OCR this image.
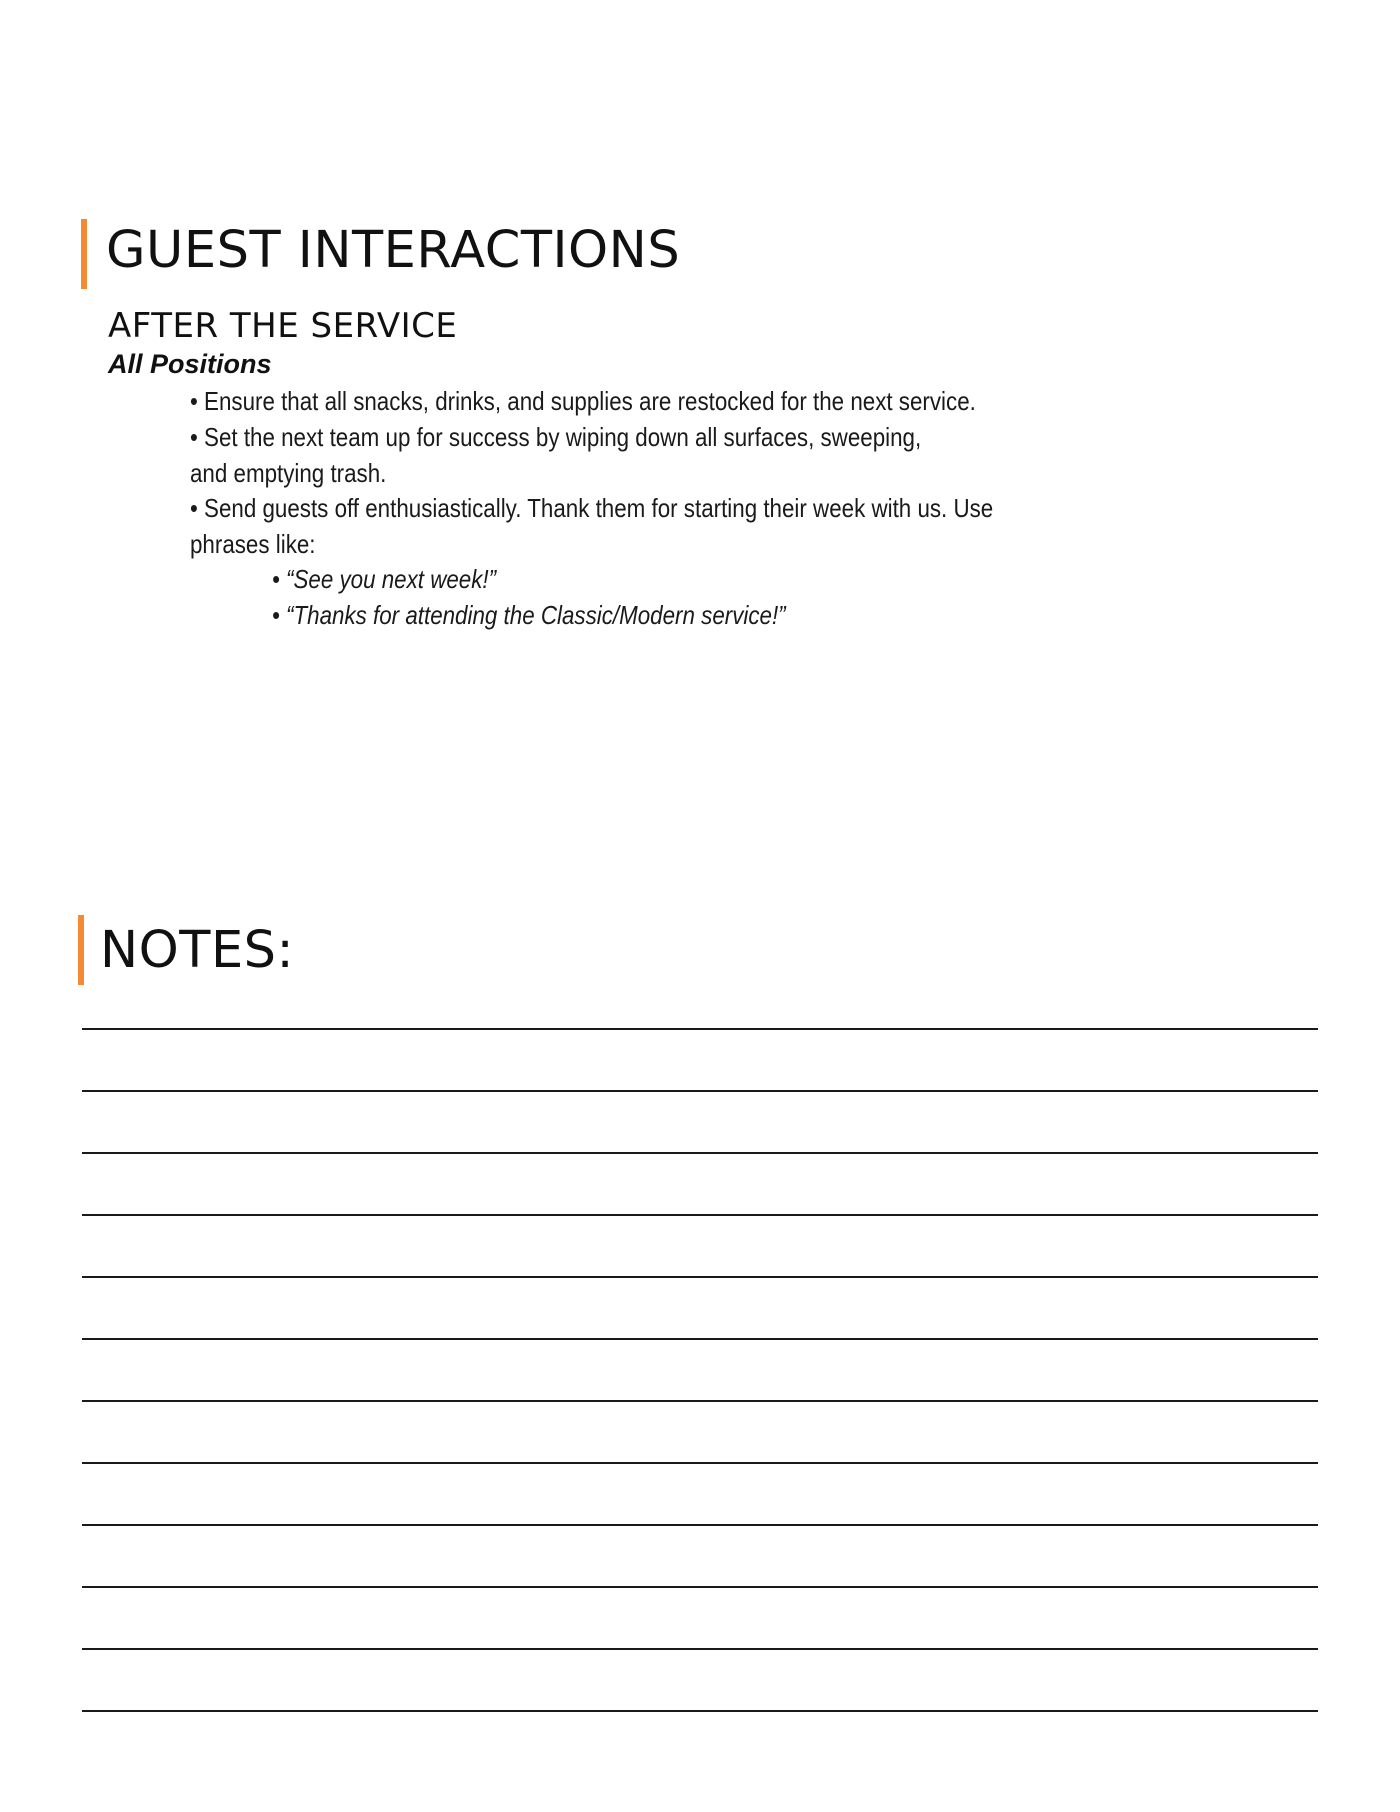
GUEST INTERACTIONS
AFTER THE SERVICE

All Positions

• Ensure that all snacks, drinks, and supplies are restocked for the next service.
• Set the next team up for success by wiping down all surfaces, sweeping,
and emptying trash.
• Send guests off enthusiastically. Thank them for starting their week with us. Use
phrases like:
• “See you next week!”
• “Thanks for attending the Classic/Modern service!”
NOTES:
